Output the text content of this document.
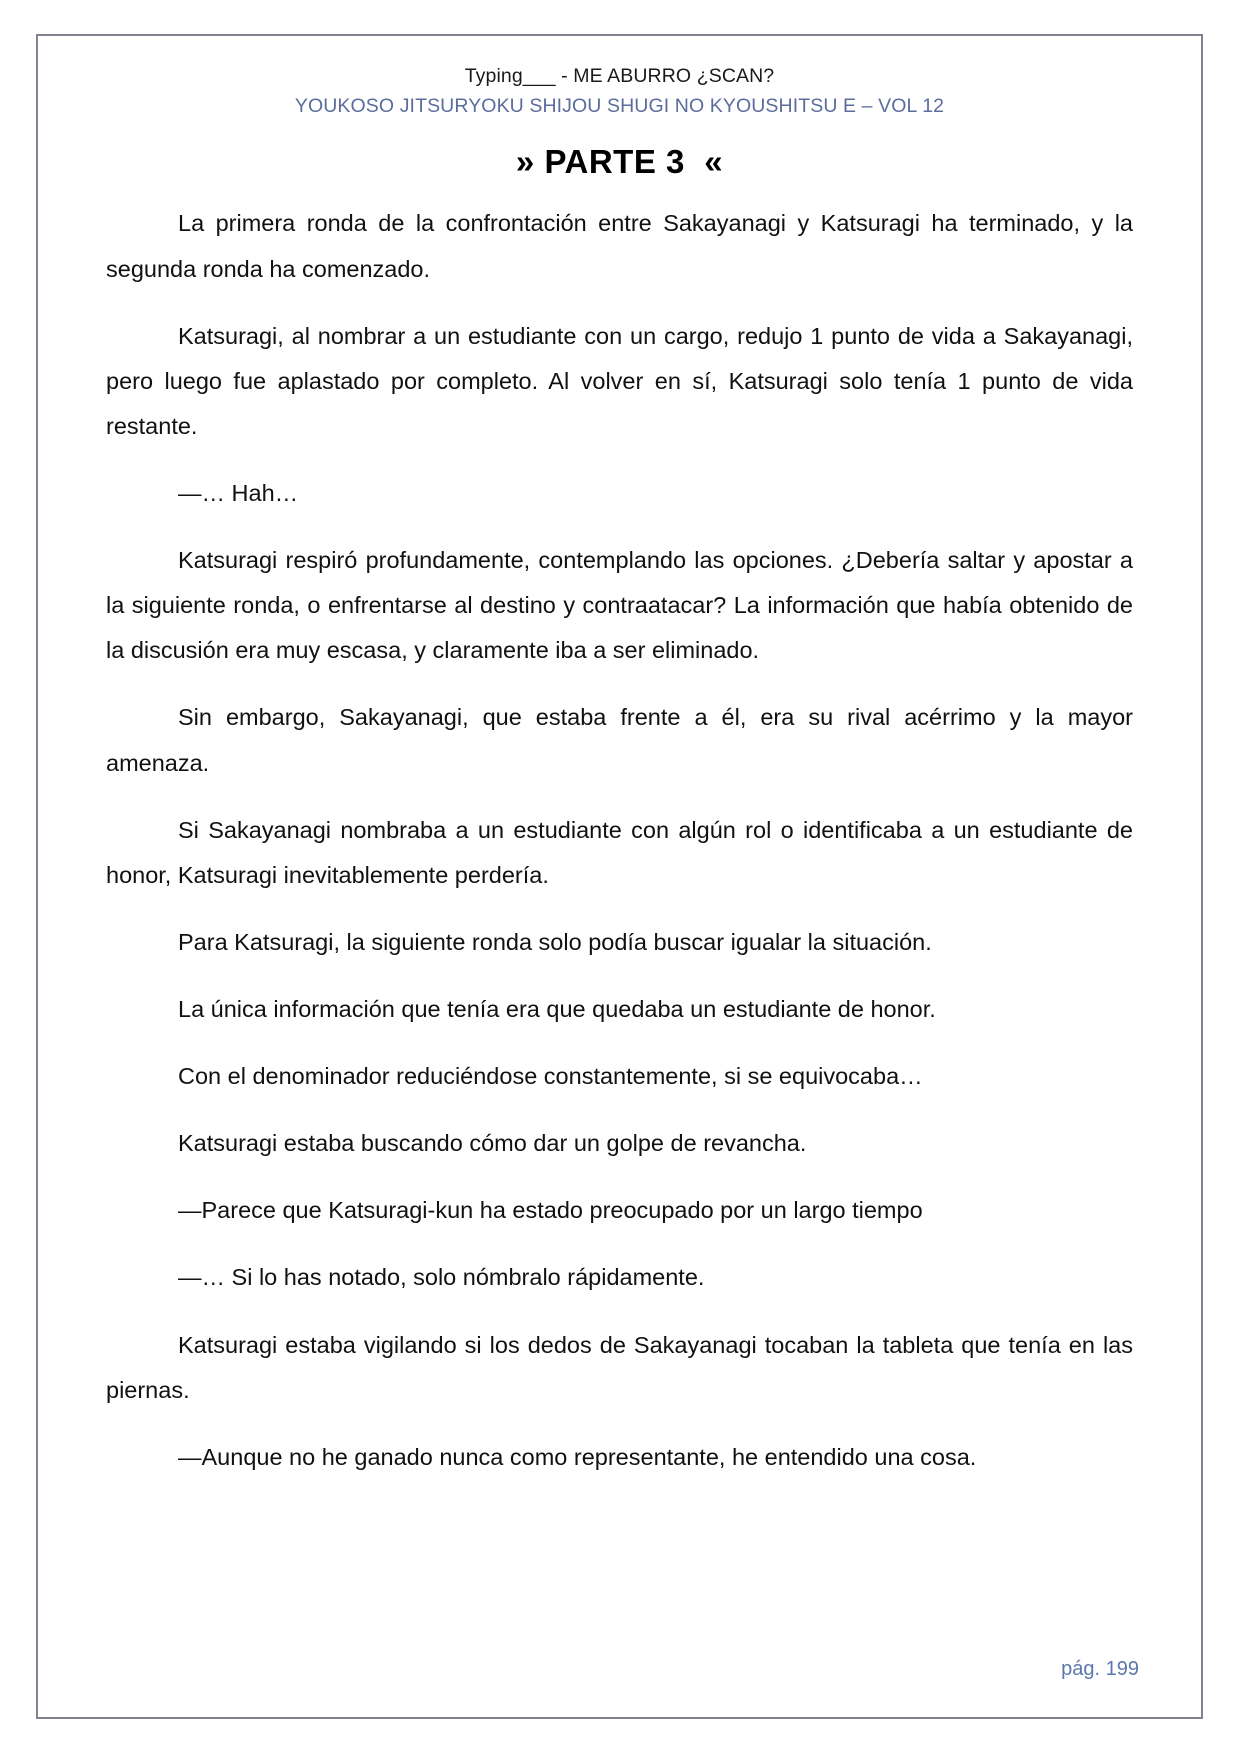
Typing___ - ME ABURRO ¿SCAN?
YOUKOSO JITSURYOKU SHIJOU SHUGI NO KYOUSHITSU E – VOL 12
» PARTE 3  «

La primera ronda de la confrontación entre Sakayanagi y Katsuragi ha terminado, y la segunda ronda ha comenzado.

Katsuragi, al nombrar a un estudiante con un cargo, redujo 1 punto de vida a Sakayanagi, pero luego fue aplastado por completo. Al volver en sí, Katsuragi solo tenía 1 punto de vida restante.

—… Hah…

Katsuragi respiró profundamente, contemplando las opciones. ¿Debería saltar y apostar a la siguiente ronda, o enfrentarse al destino y contraatacar? La información que había obtenido de la discusión era muy escasa, y claramente iba a ser eliminado.

Sin embargo, Sakayanagi, que estaba frente a él, era su rival acérrimo y la mayor amenaza.

Si Sakayanagi nombraba a un estudiante con algún rol o identificaba a un estudiante de honor, Katsuragi inevitablemente perdería.

Para Katsuragi, la siguiente ronda solo podía buscar igualar la situación.

La única información que tenía era que quedaba un estudiante de honor.

Con el denominador reduciéndose constantemente, si se equivocaba…

Katsuragi estaba buscando cómo dar un golpe de revancha.

—Parece que Katsuragi-kun ha estado preocupado por un largo tiempo

—… Si lo has notado, solo nómbralo rápidamente.

Katsuragi estaba vigilando si los dedos de Sakayanagi tocaban la tableta que tenía en las piernas.

—Aunque no he ganado nunca como representante, he entendido una cosa.

pág. 199
